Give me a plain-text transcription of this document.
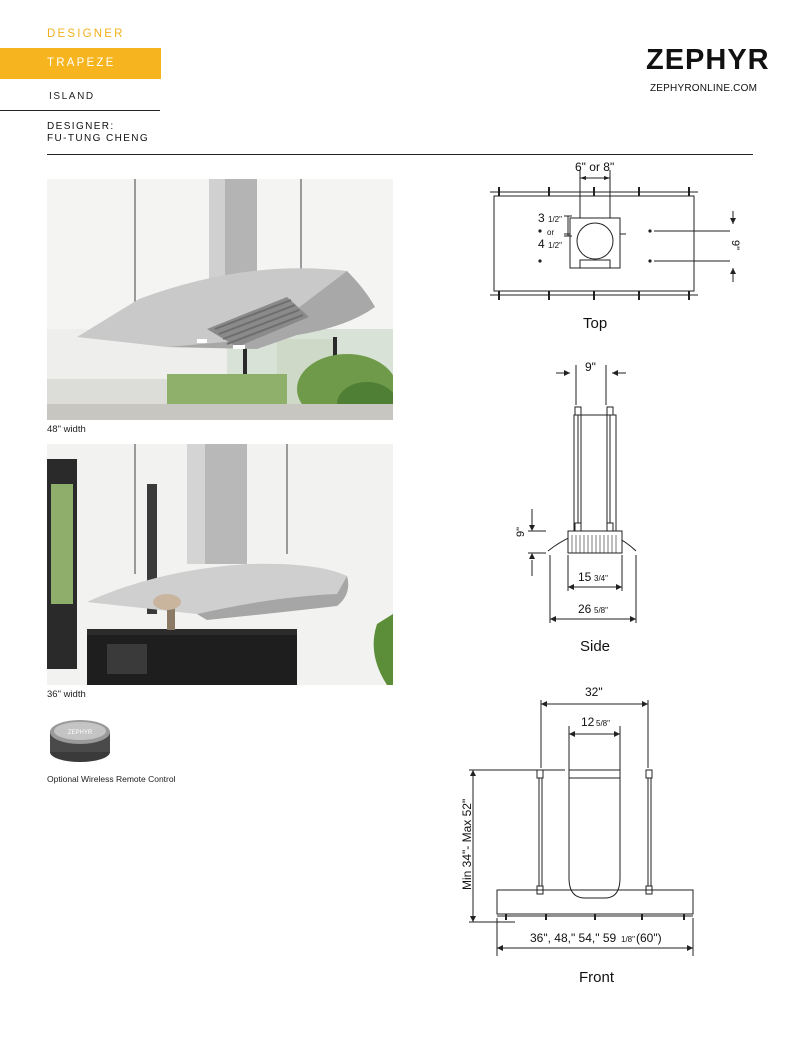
DESIGNER
TRAPEZE
ISLAND
DESIGNER:
FU-TUNG CHENG
ZEPHYR
ZEPHYRONLINE.COM
48" width
36" width
ZEPHYR
Optional Wireless Remote Control
6" or 8"
3 1/2"
or
4 1/2"	9"
Top
9"
9"
15 3/4"
26 5/8"
Side
32"
12 5/8"
Min 34"- Max 52"
36", 48," 54," 59 1/8" (60")
Front
